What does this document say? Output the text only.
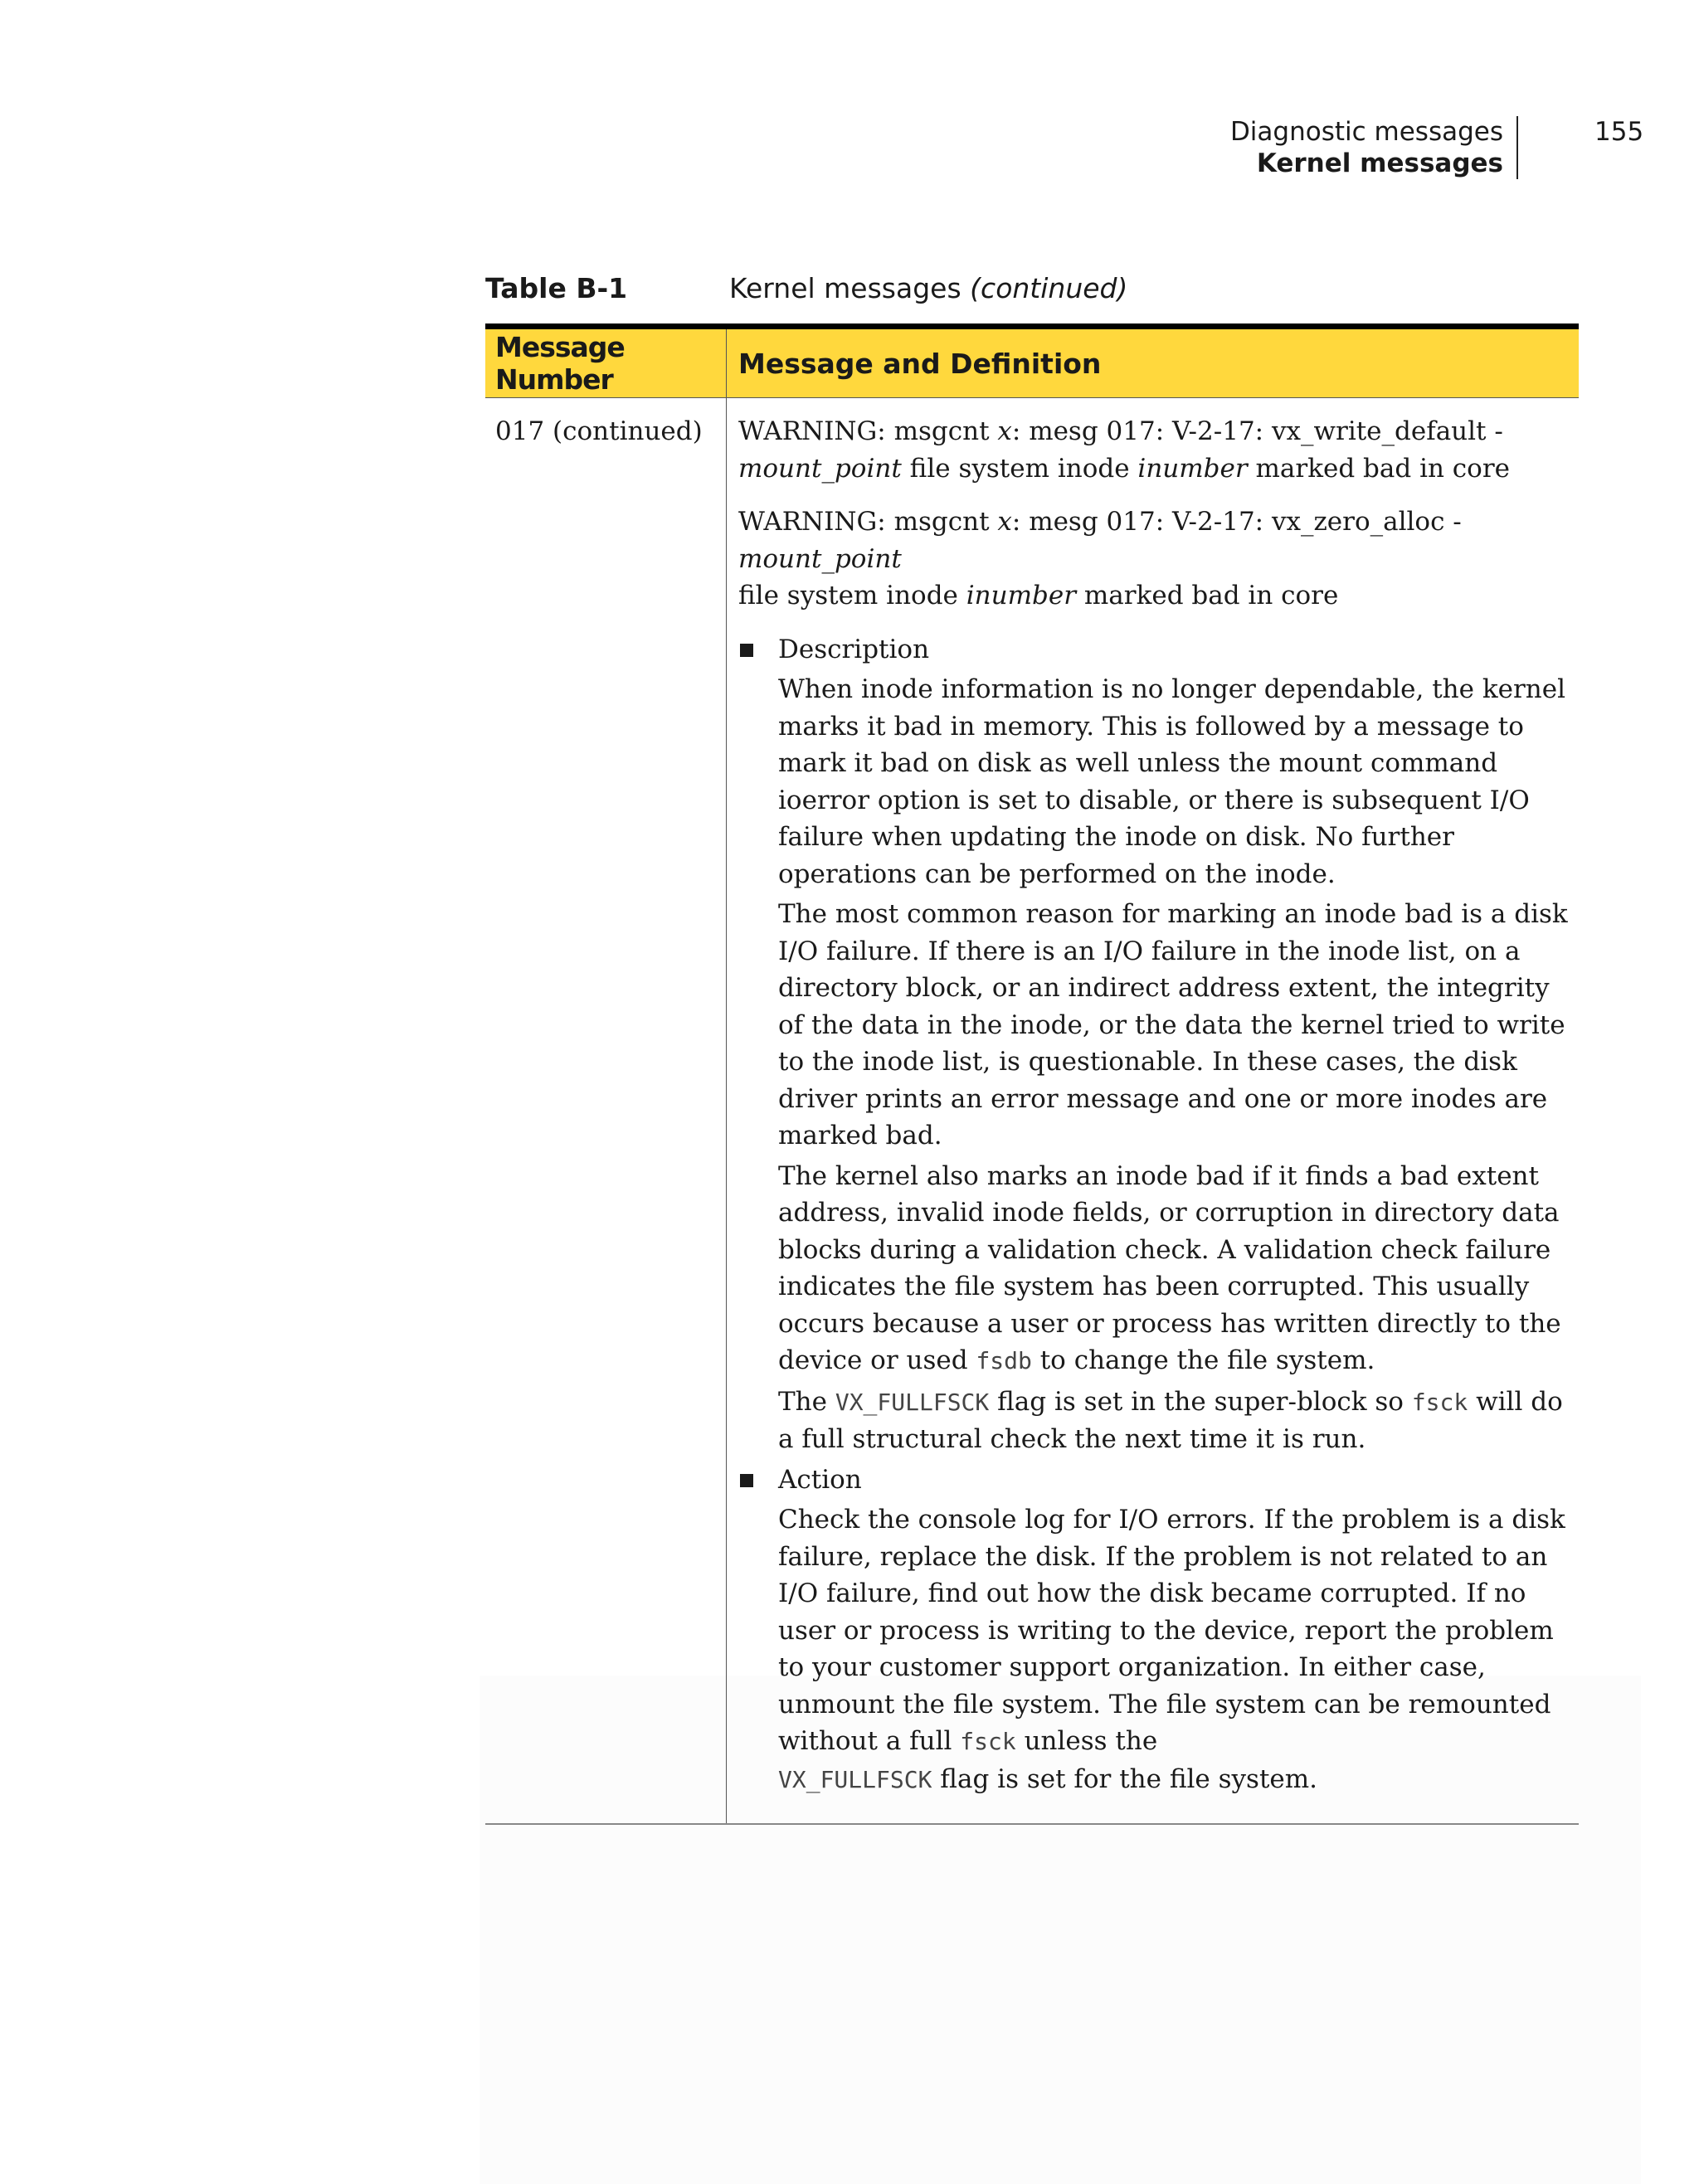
Diagnostic messages
Kernel messages
155
Table B-1	Kernel messages (continued)
Message Number	Message and Definition
017 (continued)	WARNING: msgcnt x: mesg 017: V-2-17: vx_write_default -
mount_point file system inode inumber marked bad in core

WARNING: msgcnt x: mesg 017: V-2-17: vx_zero_alloc - mount_point
file system inode inumber marked bad in core

Description

When inode information is no longer dependable, the kernel marks it bad in memory. This is followed by a message to mark it bad on disk as well unless the mount command ioerror option is set to disable, or there is subsequent I/O failure when updating the inode on disk. No further operations can be performed on the inode.

The most common reason for marking an inode bad is a disk I/O failure. If there is an I/O failure in the inode list, on a directory block, or an indirect address extent, the integrity of the data in the inode, or the data the kernel tried to write to the inode list, is questionable. In these cases, the disk driver prints an error message and one or more inodes are marked bad.

The kernel also marks an inode bad if it finds a bad extent address, invalid inode fields, or corruption in directory data blocks during a validation check. A validation check failure indicates the file system has been corrupted. This usually occurs because a user or process has written directly to the device or used fsdb to change the file system.

The VX_FULLFSCK flag is set in the super-block so fsck will do a full structural check the next time it is run.

Action

Check the console log for I/O errors. If the problem is a disk failure, replace the disk. If the problem is not related to an I/O failure, find out how the disk became corrupted. If no user or process is writing to the device, report the problem to your customer support organization. In either case, unmount the file system. The file system can be remounted without a full fsck unless the
VX_FULLFSCK flag is set for the file system.
